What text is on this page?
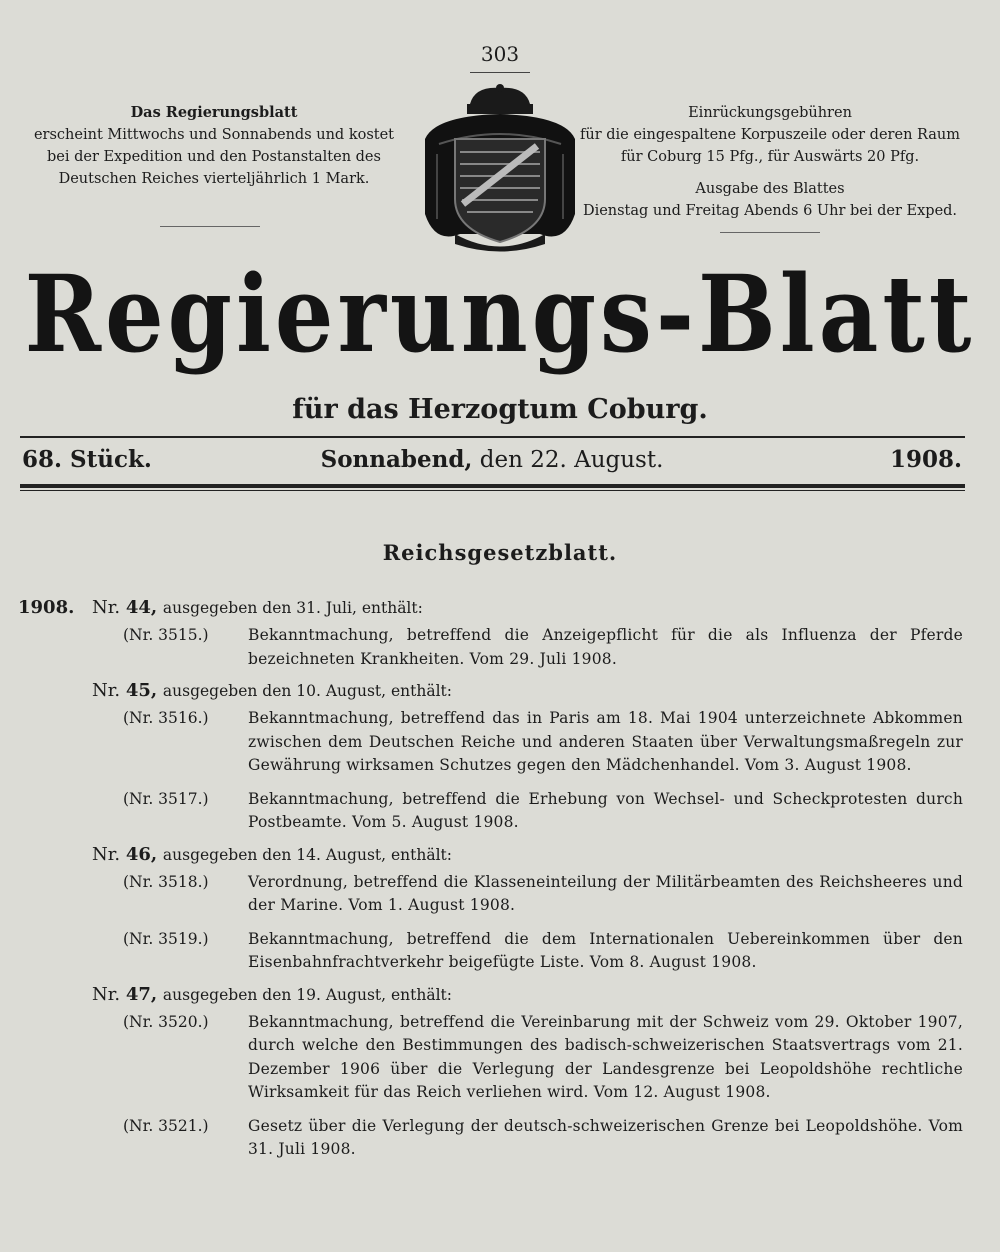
303
Das Regierungsblatt
erscheint Mittwochs und Sonnabends und kostet
bei der Expedition und den Postanstalten des
Deutschen Reiches vierteljährlich 1 Mark.
Einrückungsgebühren
für die eingespaltene Korpuszeile oder deren Raum
für Coburg 15 Pfg., für Auswärts 20 Pfg.
Ausgabe des Blattes
Dienstag und Freitag Abends 6 Uhr bei der Exped.
Regierungs-Blatt
für das Herzogtum Coburg.
68. Stück.	Sonnabend, den 22. August.	1908.
Reichsgesetzblatt.
1908. Nr. 44, ausgegeben den 31. Juli, enthält:
(Nr. 3515.)	Bekanntmachung, betreffend die Anzeigepflicht für die als Influenza der Pferde bezeichneten Krankheiten. Vom 29. Juli 1908.
Nr. 45, ausgegeben den 10. August, enthält:
(Nr. 3516.)	Bekanntmachung, betreffend das in Paris am 18. Mai 1904 unterzeichnete Abkommen zwischen dem Deutschen Reiche und anderen Staaten über Verwaltungsmaßregeln zur Gewährung wirksamen Schutzes gegen den Mädchenhandel. Vom 3. August 1908.
(Nr. 3517.)	Bekanntmachung, betreffend die Erhebung von Wechsel- und Scheckprotesten durch Postbeamte. Vom 5. August 1908.
Nr. 46, ausgegeben den 14. August, enthält:
(Nr. 3518.)	Verordnung, betreffend die Klasseneinteilung der Militärbeamten des Reichsheeres und der Marine. Vom 1. August 1908.
(Nr. 3519.)	Bekanntmachung, betreffend die dem Internationalen Uebereinkommen über den Eisenbahnfrachtverkehr beigefügte Liste. Vom 8. August 1908.
Nr. 47, ausgegeben den 19. August, enthält:
(Nr. 3520.)	Bekanntmachung, betreffend die Vereinbarung mit der Schweiz vom 29. Oktober 1907, durch welche den Bestimmungen des badisch-schweizerischen Staatsvertrags vom 21. Dezember 1906 über die Verlegung der Landesgrenze bei Leopoldshöhe rechtliche Wirksamkeit für das Reich verliehen wird. Vom 12. August 1908.
(Nr. 3521.)	Gesetz über die Verlegung der deutsch-schweizerischen Grenze bei Leopoldshöhe. Vom 31. Juli 1908.
